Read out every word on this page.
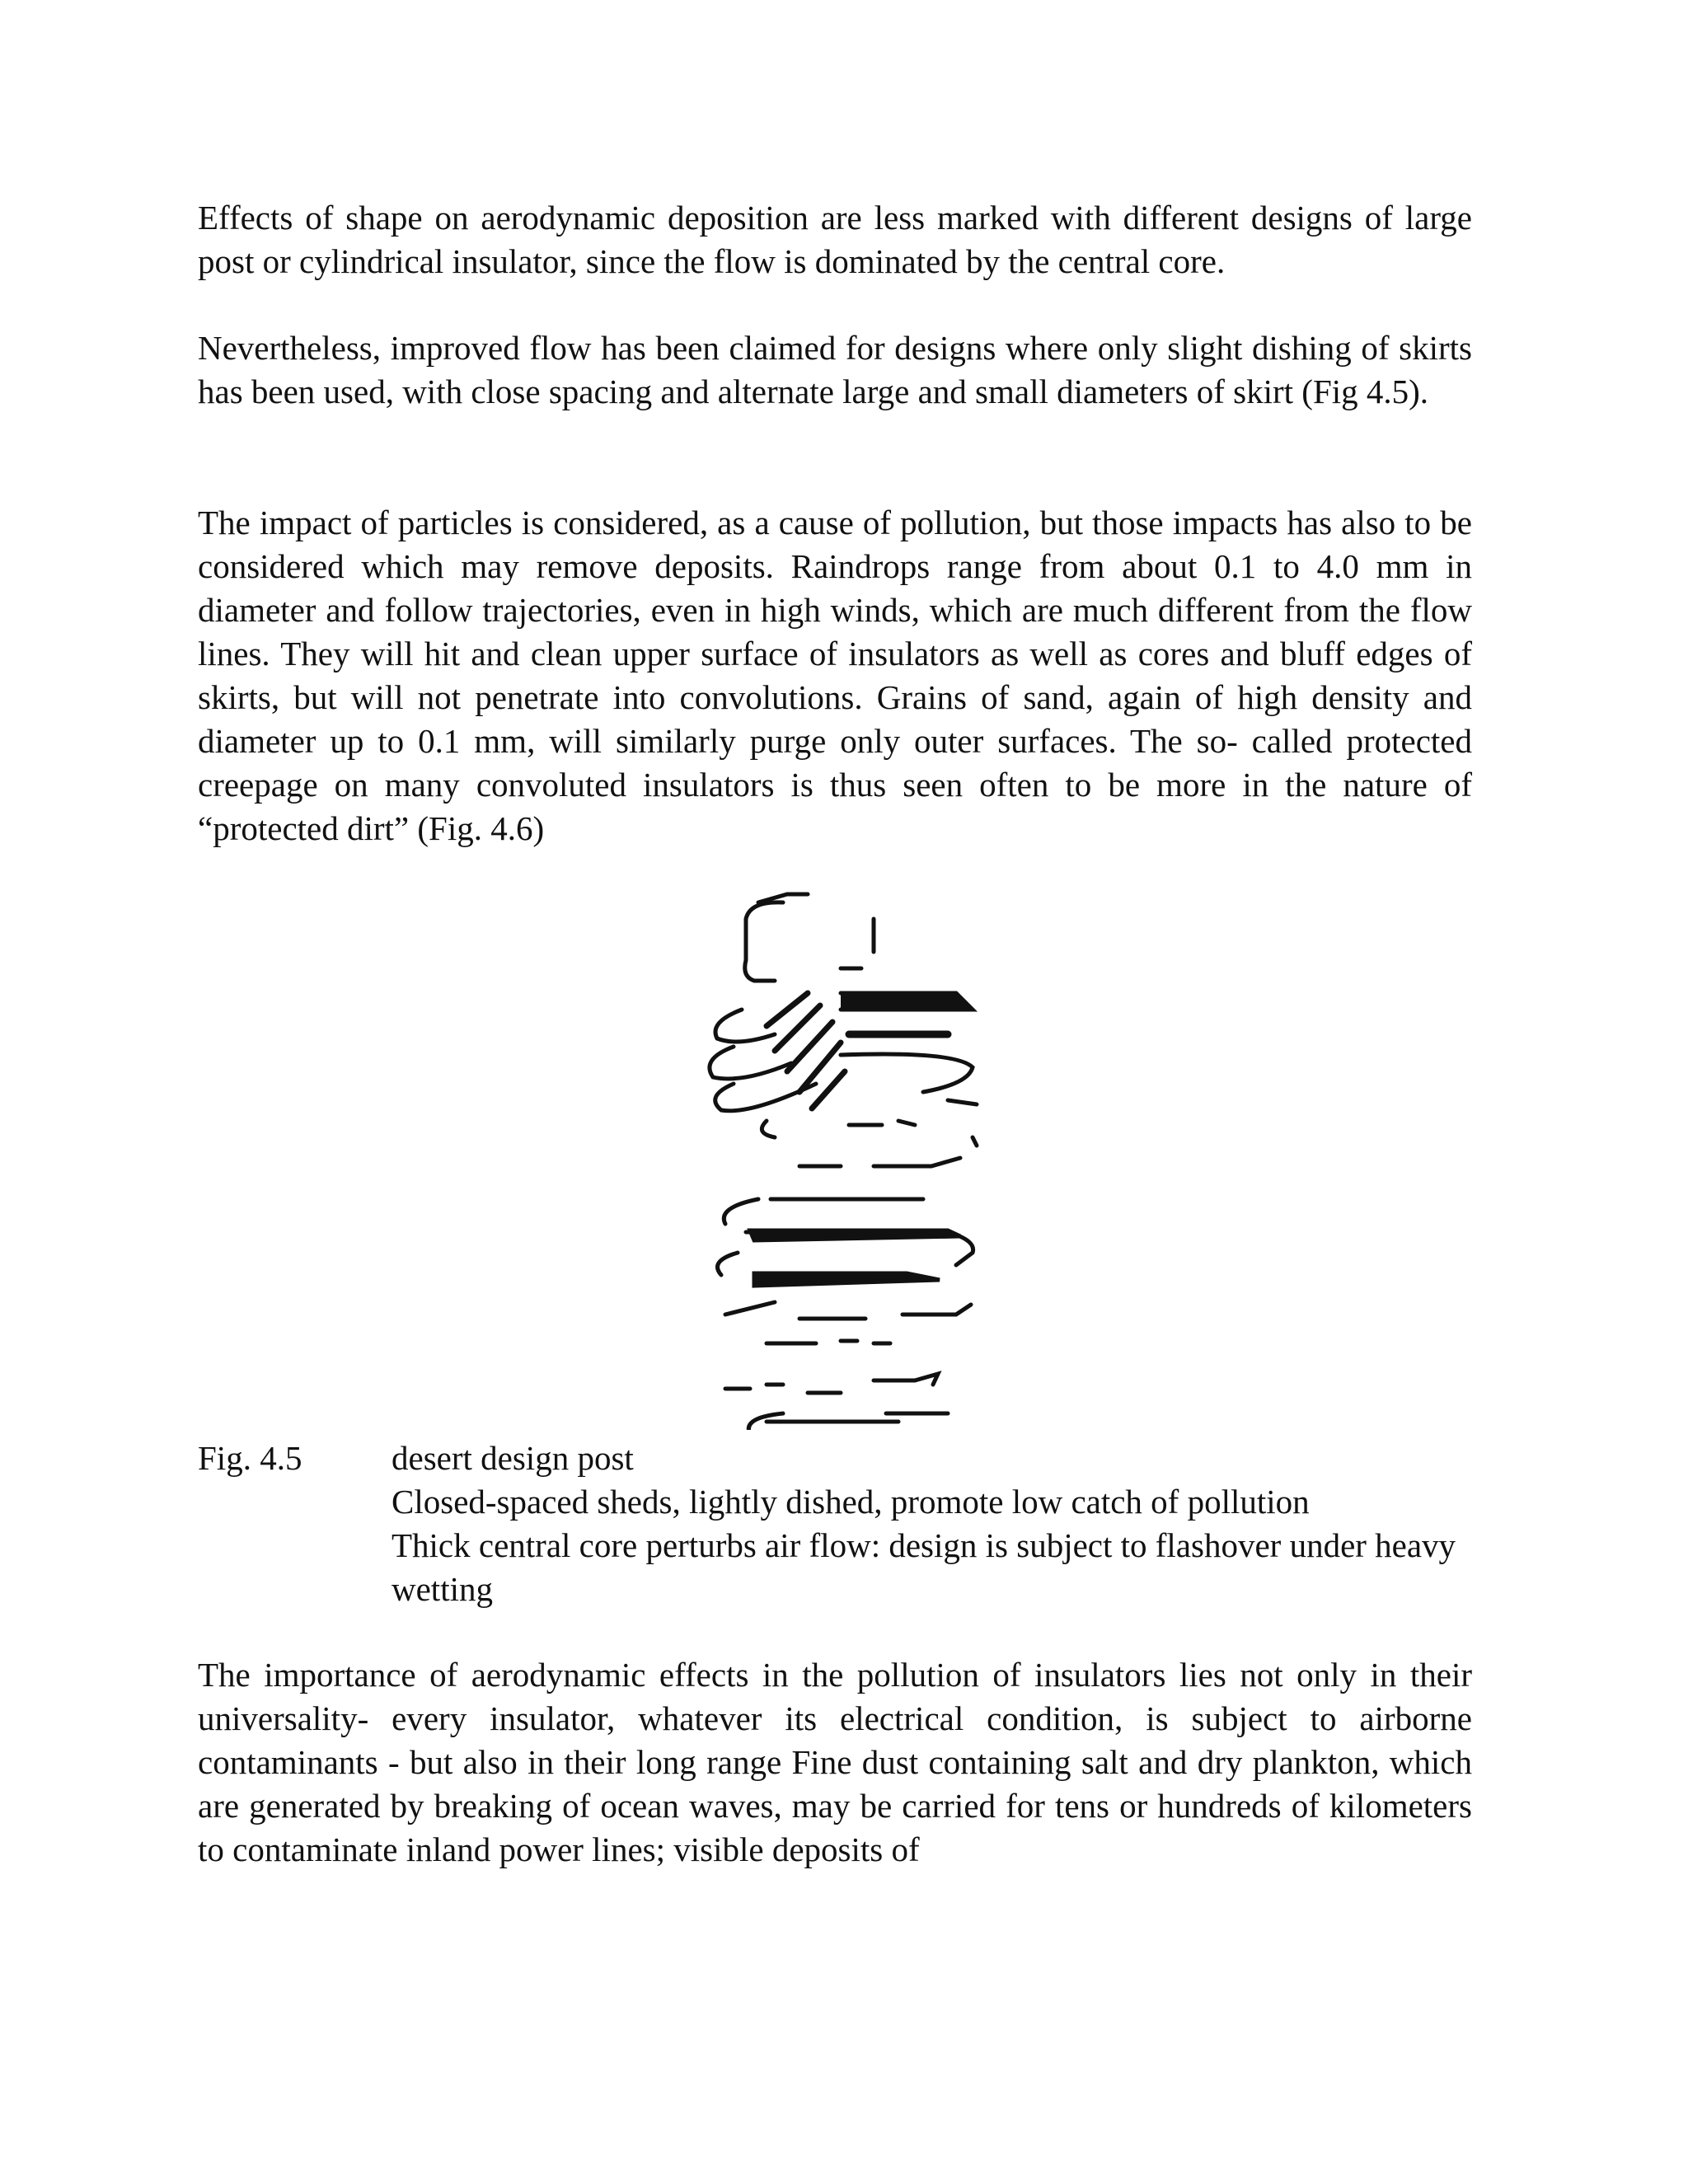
Effects of shape on aerodynamic deposition are less marked with different designs of large post or cylindrical insulator, since the flow is dominated by the central core.

Nevertheless, improved flow has been claimed for designs where only slight dishing of skirts has been used, with close spacing and alternate large and small diameters of skirt (Fig 4.5).

The impact of particles is considered, as a cause of pollution, but those impacts has also to be considered which may remove deposits. Raindrops range from about 0.1 to 4.0 mm in diameter and follow trajectories, even in high winds, which are much different from the flow lines. They will hit and clean upper surface of insulators as well as cores and bluff edges of skirts, but will not penetrate into convolutions. Grains of sand, again of high density and diameter up to 0.1 mm, will similarly purge only outer surfaces. The so- called protected creepage on many convoluted insulators is thus seen often to be more in the nature of “protected dirt” (Fig. 4.6)

Fig. 4.5	desert design post
Closed-spaced sheds, lightly dished, promote low catch of pollution
Thick central core perturbs air flow: design is subject to flashover under heavy wetting

The importance of aerodynamic effects in the pollution of insulators lies not only in their universality- every insulator, whatever its electrical condition, is subject to airborne contaminants - but also in their long range Fine dust containing salt and dry plankton, which are generated by breaking of ocean waves, may be carried for tens or hundreds of kilometers to contaminate inland power lines; visible deposits of
